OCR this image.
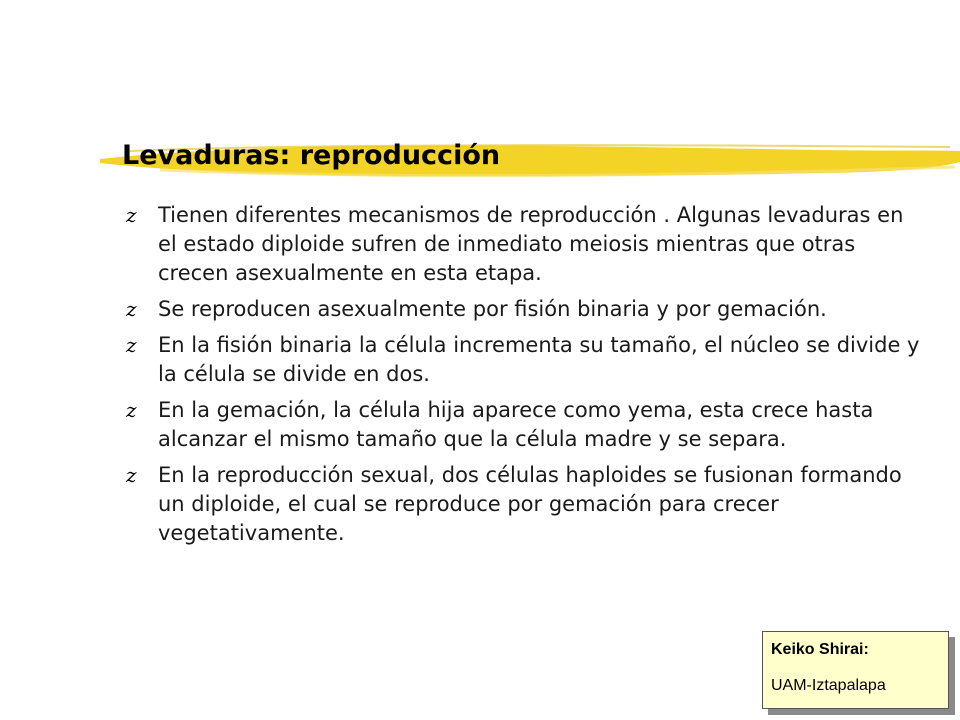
Levaduras: reproducción
z Tienen diferentes mecanismos de reproducción . Algunas levaduras en el estado diploide sufren de inmediato meiosis mientras que otras crecen asexualmente en esta etapa.
z Se reproducen asexualmente por fisión binaria y por gemación.
z En la fisión binaria la célula incrementa su tamaño, el núcleo se divide y la célula se divide en dos.
z En la gemación, la célula hija aparece como yema, esta crece hasta alcanzar el mismo tamaño que la célula madre y se separa.
z En la reproducción sexual, dos células haploides se fusionan formando un diploide, el cual se reproduce por gemación para crecer vegetativamente.
Keiko Shirai:
UAM-Iztapalapa
